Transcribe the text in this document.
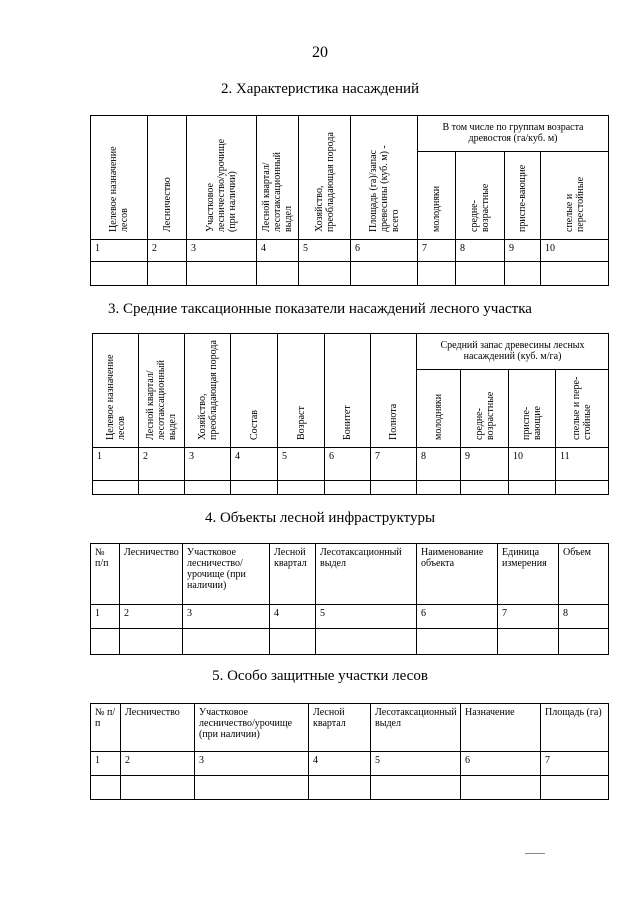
20
2. Характеристика насаждений
Целевое назначение лесов	Лесничество	Участковое лесничество/урочище (при наличии)	Лесной квартал/ лесотаксационный выдел	Хозяйство, преобладающая порода	Площадь (га)/запас древесины (куб. м) - всего	В том числе по группам возраста древостоя (га/куб. м)			
						молодняки	средне-возрастные	приспе-вающие	спелые и перестойные
1	2	3	4	5	6	7	8	9	10

3. Средние таксационные показатели насаждений лесного участка
Целевое назначение лесов	Лесной квартал/ лесотаксационный выдел	Хозяйство, преобладающая порода	Состав	Возраст	Бонитет	Полнота	Средний запас древесины лесных насаждений (куб. м/га)			
							молодняки	средне-возрастные	приспе-вающие	спелые и пере-стойные
1	2	3	4	5	6	7	8	9	10	11

4. Объекты лесной инфраструктуры
№ п/п	Лесничество	Участковое лесничество/ урочище (при наличии)	Лесной квартал	Лесотаксационный выдел	Наименование объекта	Единица измерения	Объем
1	2	3	4	5	6	7	8

5. Особо защитные участки лесов
№ п/п	Лесничество	Участковое лесничество/урочище (при наличии)	Лесной квартал	Лесотаксационный выдел	Назначение	Площадь (га)
1	2	3	4	5	6	7
